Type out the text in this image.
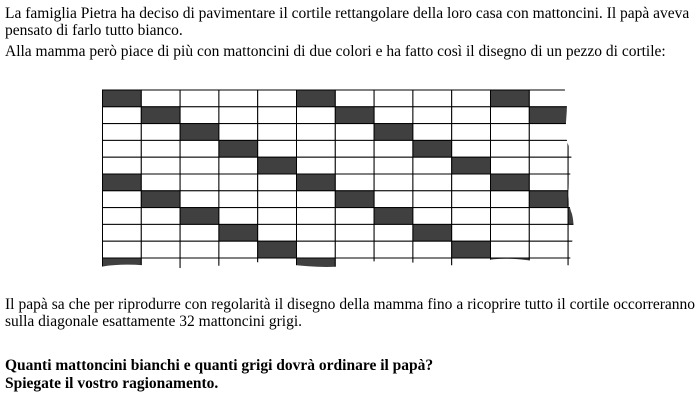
La famiglia Pietra ha deciso di pavimentare il cortile rettangolare della loro casa con mattoncini. Il papà aveva pensato di farlo tutto bianco.

Alla mamma però piace di più con mattoncini di due colori e ha fatto così il disegno di un pezzo di cortile:

Il papà sa che per riprodurre con regolarità il disegno della mamma fino a ricoprire tutto il cortile occorreranno sulla diagonale esattamente 32 mattoncini grigi.

Quanti mattoncini bianchi e quanti grigi dovrà ordinare il papà?

Spiegate il vostro ragionamento.
